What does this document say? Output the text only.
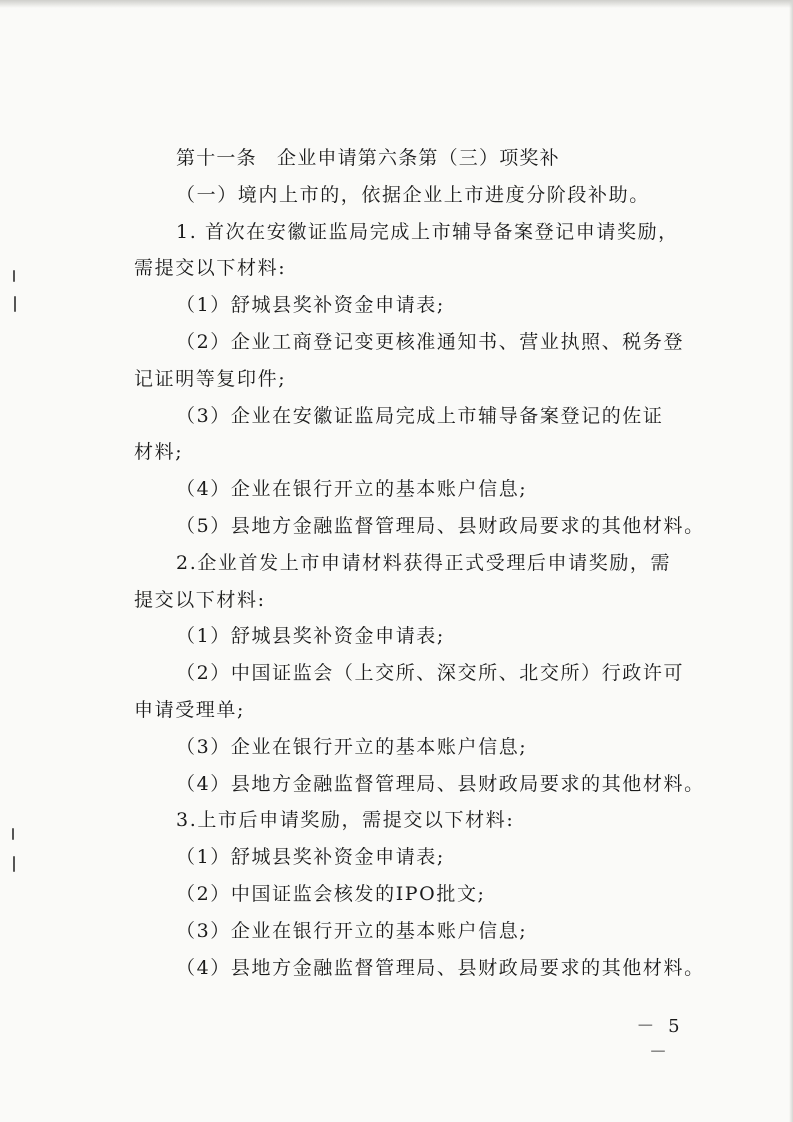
第十一条　企业申请第六条第（三）项奖补
（一）境内上市的，依据企业上市进度分阶段补助。
1. 首次在安徽证监局完成上市辅导备案登记申请奖励，
需提交以下材料:
（1）舒城县奖补资金申请表;
（2）企业工商登记变更核准通知书、营业执照、税务登
记证明等复印件;
（3）企业在安徽证监局完成上市辅导备案登记的佐证
材料;
（4）企业在银行开立的基本账户信息;
（5）县地方金融监督管理局、县财政局要求的其他材料。
2.企业首发上市申请材料获得正式受理后申请奖励，需
提交以下材料:
（1）舒城县奖补资金申请表;
（2）中国证监会（上交所、深交所、北交所）行政许可
申请受理单;
（3）企业在银行开立的基本账户信息;
（4）县地方金融监督管理局、县财政局要求的其他材料。
3.上市后申请奖励，需提交以下材料:
（1）舒城县奖补资金申请表;
（2）中国证监会核发的IPO批文;
（3）企业在银行开立的基本账户信息;
（4）县地方金融监督管理局、县财政局要求的其他材料。
－ 5 －
